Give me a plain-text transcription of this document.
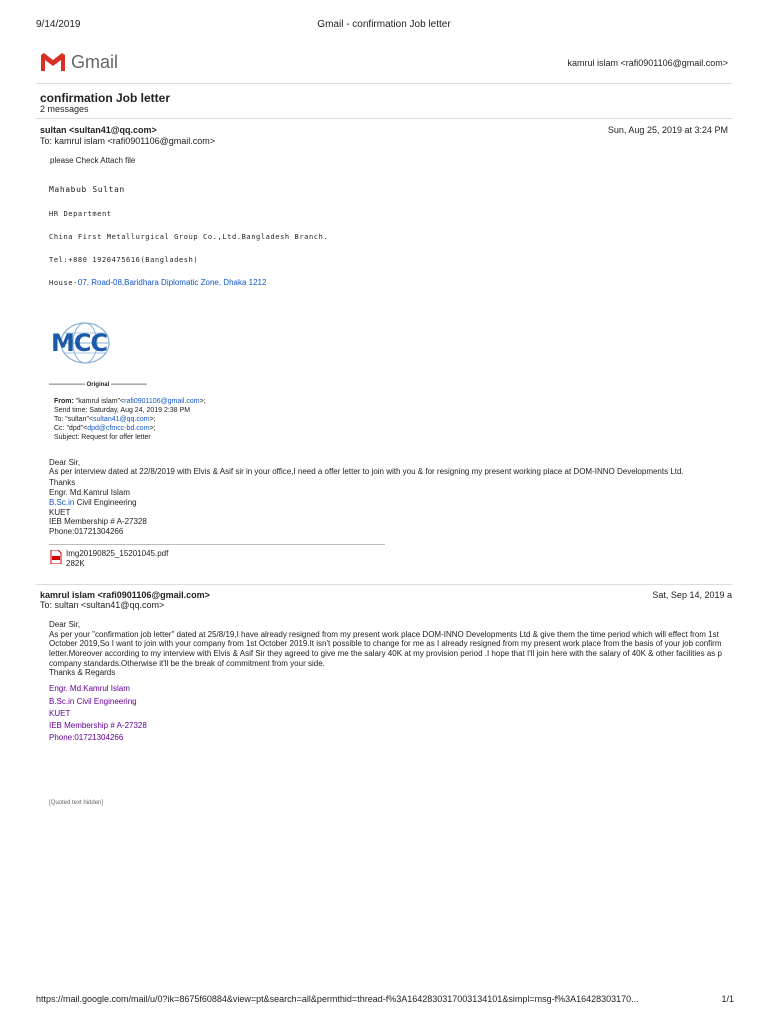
9/14/2019	Gmail - confirmation Job letter
Gmail	kamrul islam <rafi0901106@gmail.com>
confirmation Job letter
2 messages
sultan <sultan41@qq.com>	Sun, Aug 25, 2019 at 3:24 PM
To: kamrul islam <rafi0901106@gmail.com>
please Check Attach file
Mahabub Sultan
HR Department
China First Metallurgical Group Co.,Ltd.Bangladesh Branch.
Tel:+880 1920475616(Bangladesh)
House-07, Road-08,Baridhara Diplomatic Zone, Dhaka 1212
MCC
------------------ Original ------------------
From: "kamrul islam"<rafi0901106@gmail.com>;
Send time: Saturday, Aug 24, 2019 2:38 PM
To: "sultan"<sultan41@qq.com>;
Cc: "dpd"<dpd@cfmcc-bd.com>;
Subject: Request for offer letter
Dear Sir,
As per interview dated at 22/8/2019 with Elvis & Asif sir in your office,I need a offer letter to join with you & for resigning my present working place at DOM-INNO Developments Ltd.
Thanks
Engr. Md.Kamrul Islam
B.Sc.in Civil Engineering
KUET
IEB Membership # A-27328
Phone:01721304266
Img20190825_15201045.pdf
282K
kamrul islam <rafi0901106@gmail.com>	Sat, Sep 14, 2019 a
To: sultan <sultan41@qq.com>
Dear Sir,
As per your "confirmation job letter" dated at 25/8/19,I have already resigned from my present work place DOM-INNO Developments Ltd & give them the time period which will effect from 1st
October 2019,So I want to join with your company from 1st October 2019.It isn't possible to change for me as I already resigned from my present work place from the basis of your job confirm
letter.Moreover according to my interview with Elvis & Asif Sir they agreed to give me the salary 40K at my provision period .I hope that I'll join here with the salary of 40K & other facilities as p
company standards.Otherwise it'll be the break of commitment from your side.
Thanks & Regards
Engr. Md.Kamrul Islam
B.Sc.in Civil Engineering
KUET
IEB Membership # A-27328
Phone:01721304266
[Quoted text hidden]
https://mail.google.com/mail/u/0?ik=8675f60884&view=pt&search=all&permthid=thread-f%3A1642830317003134101&simpl=msg-f%3A16428303170...	1/1
